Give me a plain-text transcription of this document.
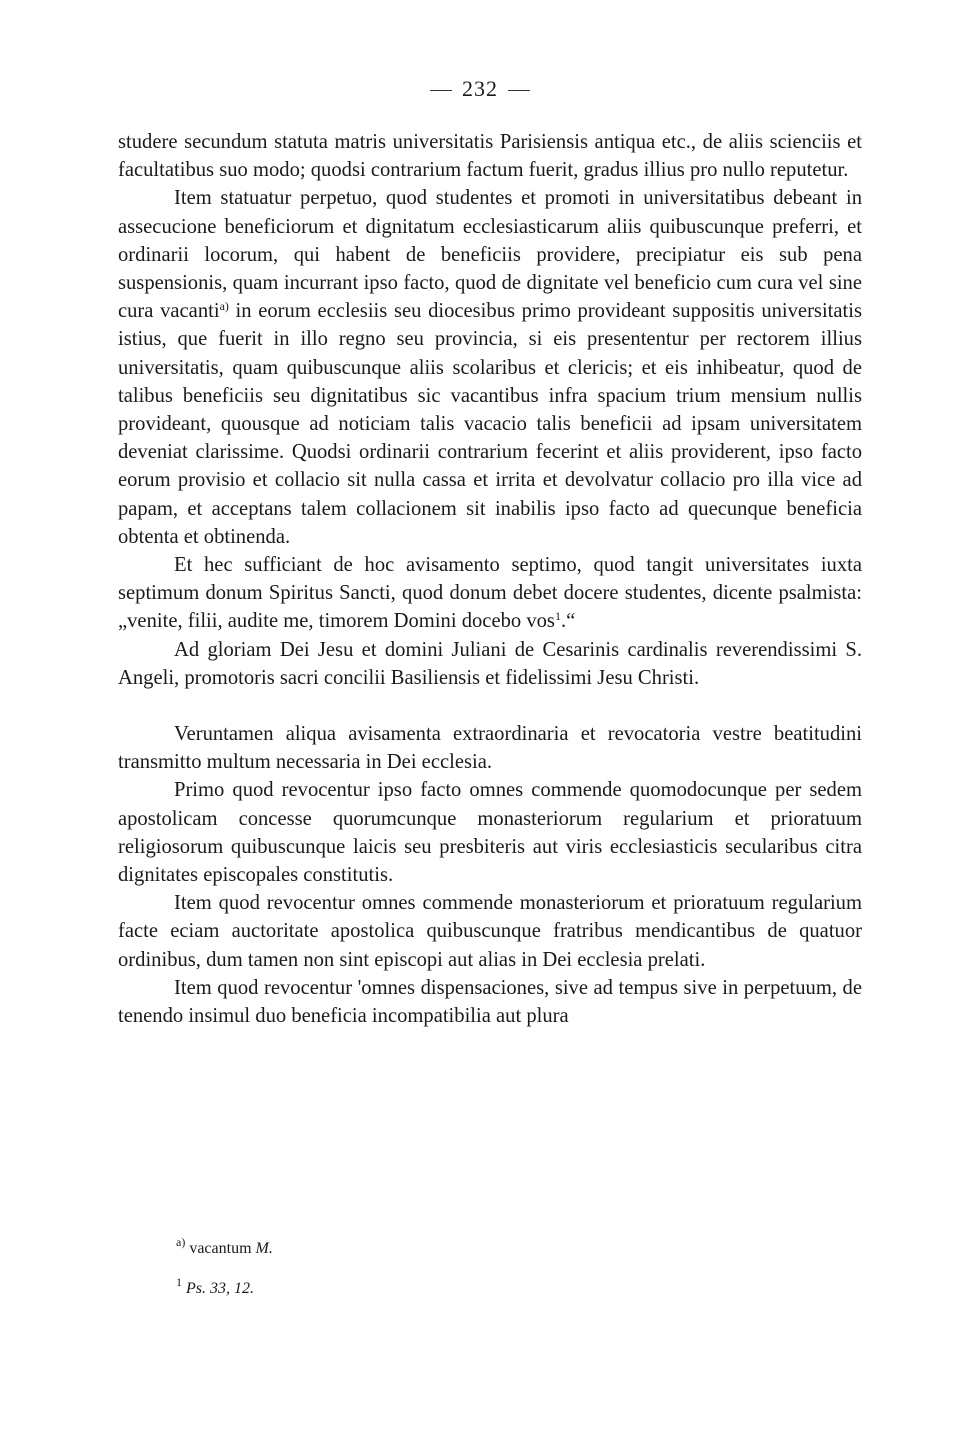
232

studere secundum statuta matris universitatis Parisiensis antiqua etc., de aliis scienciis et facultatibus suo modo; quodsi contrarium factum fuerit, gradus illius pro nullo reputetur.

Item statuatur perpetuo, quod studentes et promoti in universitatibus debeant in assecucione beneficiorum et dignitatum ecclesiasticarum aliis quibuscunque preferri, et ordinarii locorum, qui habent de beneficiis providere, precipiatur eis sub pena suspensionis, quam incurrant ipso facto, quod de dignitate vel beneficio cum cura vel sine cura vacanti$^{a)}$ in eorum ecclesiis seu diocesibus primo provideant suppositis universitatis istius, que fuerit in illo regno seu provincia, si eis presententur per rectorem illius universitatis, quam quibuscunque aliis scolaribus et clericis; et eis inhibeatur, quod de talibus beneficiis seu dignitatibus sic vacantibus infra spacium trium mensium nullis provideant, quousque ad noticiam talis vacacio talis beneficii ad ipsam universitatem deveniat clarissime. Quodsi ordinarii contrarium fecerint et aliis providerent, ipso facto eorum provisio et collacio sit nulla cassa et irrita et devolvatur collacio pro illa vice ad papam, et acceptans talem collacionem sit inabilis ipso facto ad quecunque beneficia obtenta et obtinenda.

Et hec sufficiant de hoc avisamento septimo, quod tangit universitates iuxta septimum donum Spiritus Sancti, quod donum debet docere studentes, dicente psalmista: „venite, filii, audite me, timorem Domini docebo vos$^1$.“

Ad gloriam Dei Jesu et domini Juliani de Cesarinis cardinalis reverendissimi S. Angeli, promotoris sacri concilii Basiliensis et fidelissimi Jesu Christi.

Veruntamen aliqua avisamenta extraordinaria et revocatoria vestre beatitudini transmitto multum necessaria in Dei ecclesia.

Primo quod revocentur ipso facto omnes commende quomodocunque per sedem apostolicam concesse quorumcunque monasteriorum regularium et prioratuum religiosorum quibuscunque laicis seu presbiteris aut viris ecclesiasticis secularibus citra dignitates episcopales constitutis.

Item quod revocentur omnes commende monasteriorum et prioratuum regularium facte eciam auctoritate apostolica quibuscunque fratribus mendicantibus de quatuor ordinibus, dum tamen non sint episcopi aut alias in Dei ecclesia prelati.

Item quod revocentur 'omnes dispensaciones, sive ad tempus sive in perpetuum, de tenendo insimul duo beneficia incompatibilia aut plura

$^{a)}$ vacantum M.

$^1$ Ps. 33, 12.
